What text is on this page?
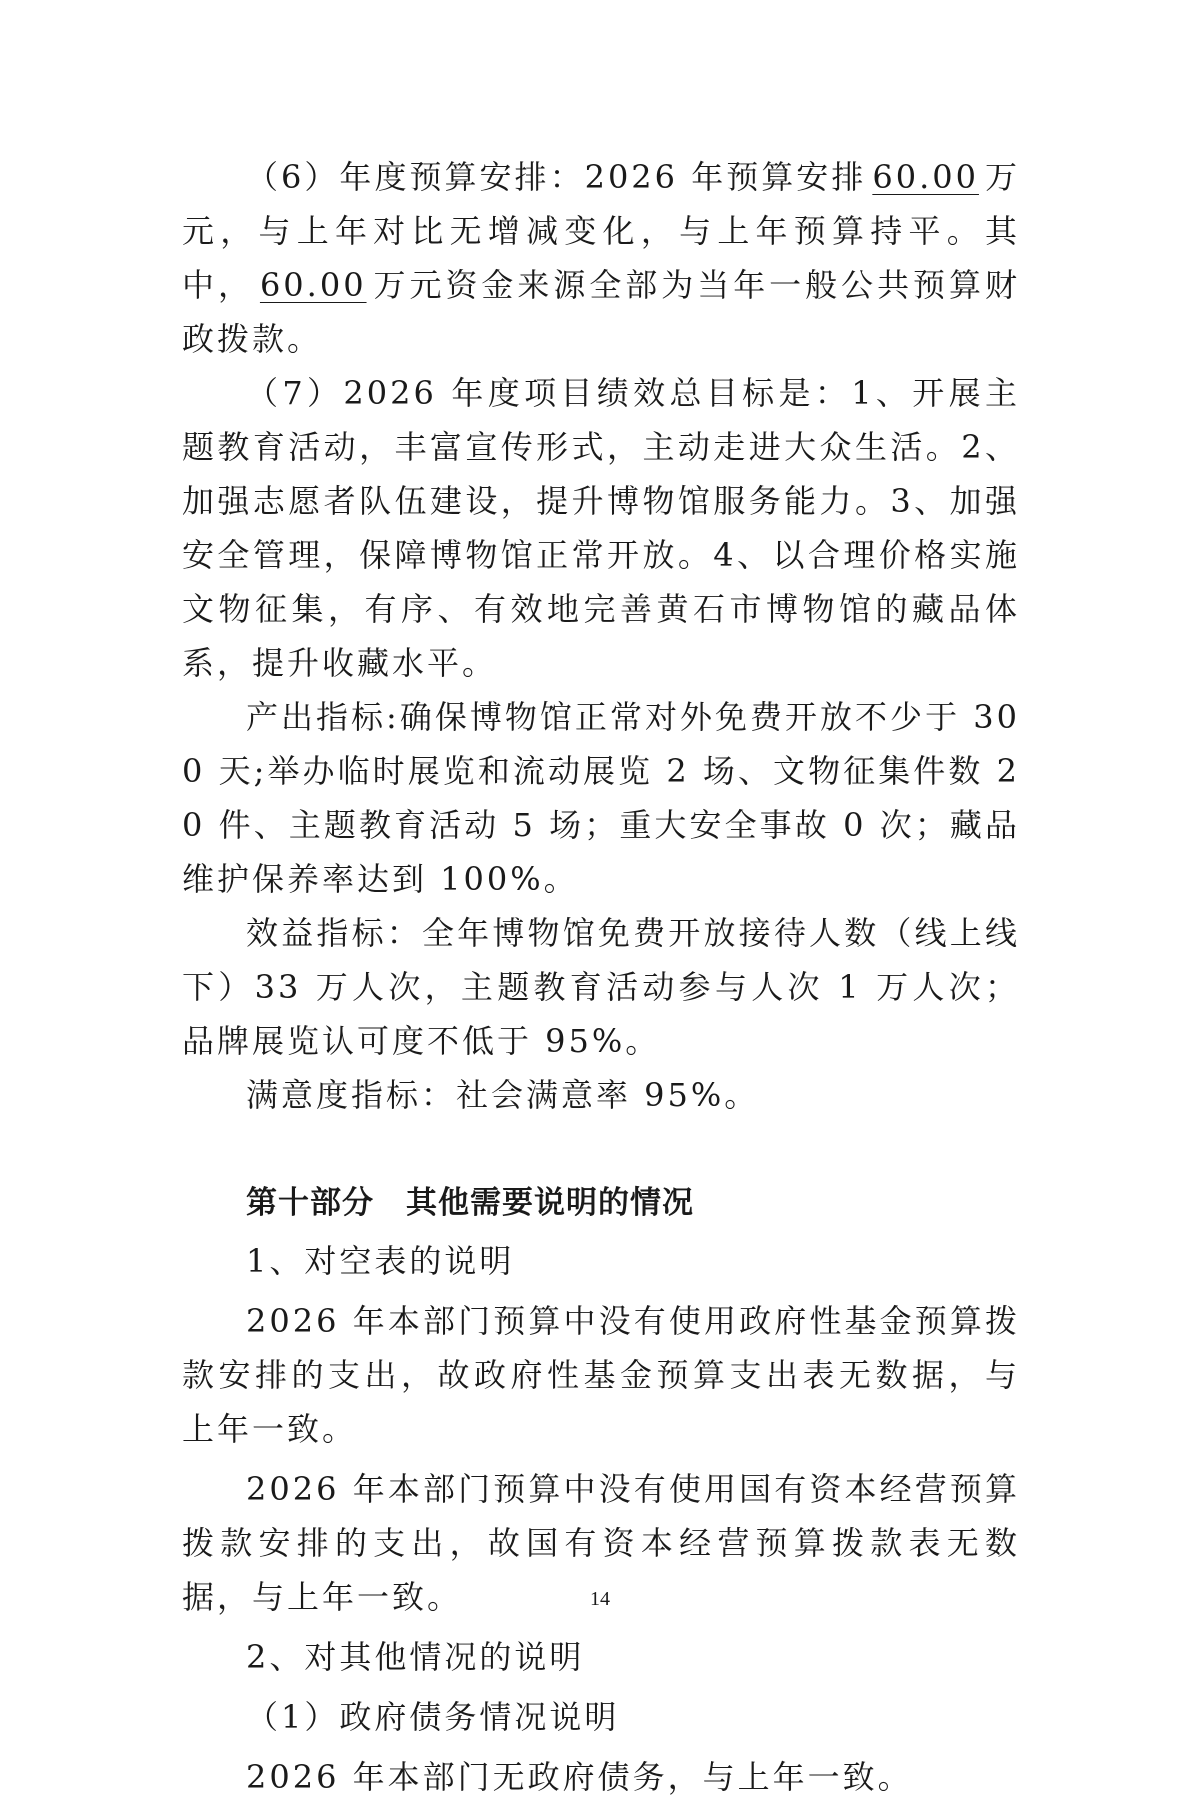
（6）年度预算安排：2026 年预算安排 60.00 万元，与上年对比无增减变化，与上年预算持平。其中， 60.00 万元资金来源全部为当年一般公共预算财政拨款。

（7）2026 年度项目绩效总目标是：1、开展主题教育活动，丰富宣传形式，主动走进大众生活。2、加强志愿者队伍建设，提升博物馆服务能力。3、加强安全管理，保障博物馆正常开放。4、以合理价格实施文物征集，有序、有效地完善黄石市博物馆的藏品体系，提升收藏水平。

产出指标:确保博物馆正常对外免费开放不少于 300 天;举办临时展览和流动展览 2 场、文物征集件数 20 件、主题教育活动 5 场；重大安全事故 0 次；藏品维护保养率达到 100%。

效益指标：全年博物馆免费开放接待人数（线上线下）33 万人次，主题教育活动参与人次 1 万人次；品牌展览认可度不低于 95%。

满意度指标：社会满意率 95%。

第十部分　其他需要说明的情况

1、对空表的说明

2026 年本部门预算中没有使用政府性基金预算拨款安排的支出，故政府性基金预算支出表无数据，与上年一致。

2026 年本部门预算中没有使用国有资本经营预算拨款安排的支出，故国有资本经营预算拨款表无数据，与上年一致。

2、对其他情况的说明

（1）政府债务情况说明

2026 年本部门无政府债务，与上年一致。

14
